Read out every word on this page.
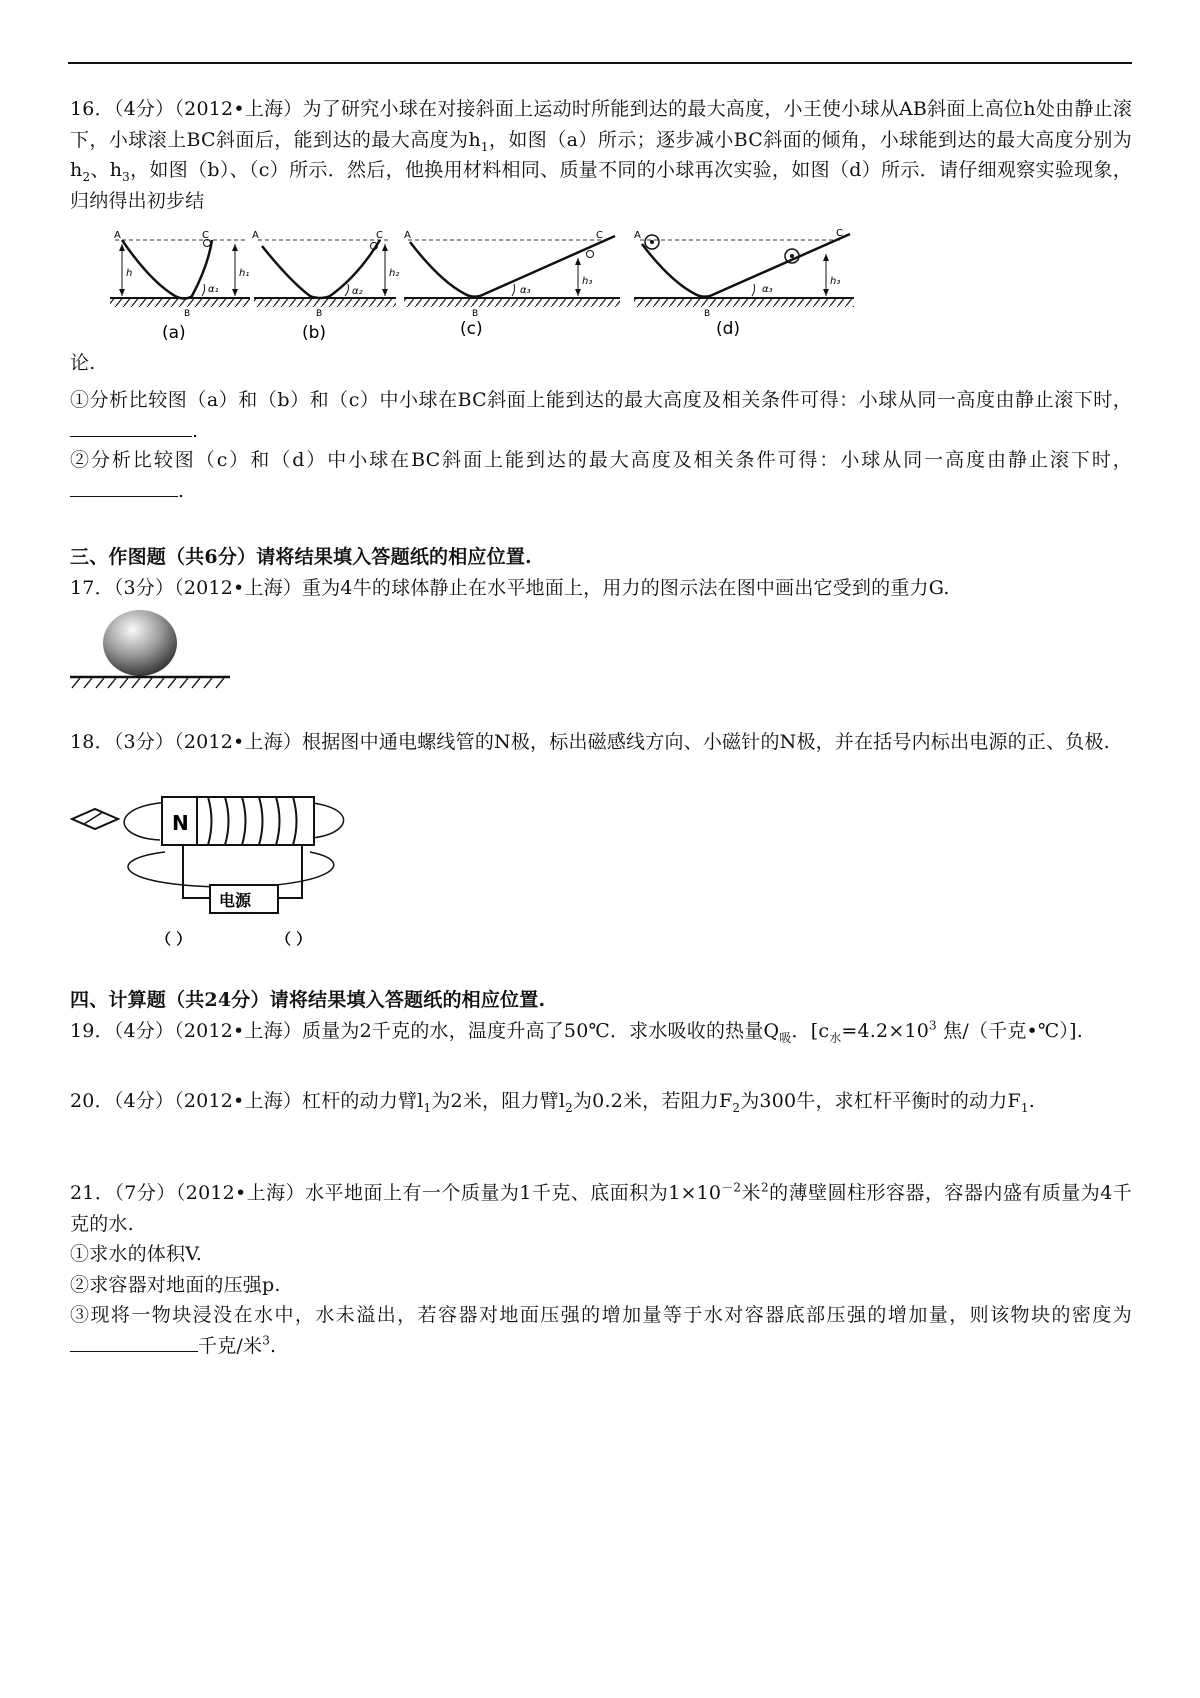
16．（4分）（2012•上海）为了研究小球在对接斜面上运动时所能到达的最大高度，小王使小球从AB斜面上高位h处由静止滚下，小球滚上BC斜面后，能到达的最大高度为$h_1$，如图（a）所示；逐步减小BC斜面的倾角，小球能到达的最大高度分别为$h_2$、$h_3$，如图（b）、（c）所示．然后，他换用材料相同、质量不同的小球再次实验，如图（d）所示．请仔细观察实验现象，归纳得出初步结
A	C
B
h	h₁
α₁
(a)
A	C
B
h₂
α₂
(b)
A	C
B
h₃
α₃
(c)
A	C
B
h₃
α₃
(d)
论.
①分析比较图（a）和（b）和（c）中小球在BC斜面上能到达的最大高度及相关条件可得：小球从同一高度由静止滚下时，.
②分析比较图（c）和（d）中小球在BC斜面上能到达的最大高度及相关条件可得：小球从同一高度由静止滚下时，.
三、作图题（共6分）请将结果填入答题纸的相应位置.
17．（3分）（2012•上海）重为4牛的球体静止在水平地面上，用力的图示法在图中画出它受到的重力G.
18．（3分）（2012•上海）根据图中通电螺线管的N极，标出磁感线方向、小磁针的N极，并在括号内标出电源的正、负极.
N
电源
（ ）	（ ）
四、计算题（共24分）请将结果填入答题纸的相应位置.
19．（4分）（2012•上海）质量为2千克的水，温度升高了50℃．求水吸收的热量$Q_吸$．[$c_水=4.2\times 10^3$ 焦/（千克•℃）].
20．（4分）（2012•上海）杠杆的动力臂$l_1$为2米，阻力臂$l_2$为0.2米，若阻力$F_2$为300牛，求杠杆平衡时的动力$F_1$.
21．（7分）（2012•上海）水平地面上有一个质量为1千克、底面积为$1\times 10^{-2}$米$^2$的薄壁圆柱形容器，容器内盛有质量为4千克的水.
①求水的体积V.
②求容器对地面的压强p.
③现将一物块浸没在水中，水未溢出，若容器对地面压强的增加量等于水对容器底部压强的增加量，则该物块的密度为千克/米$^3$.
